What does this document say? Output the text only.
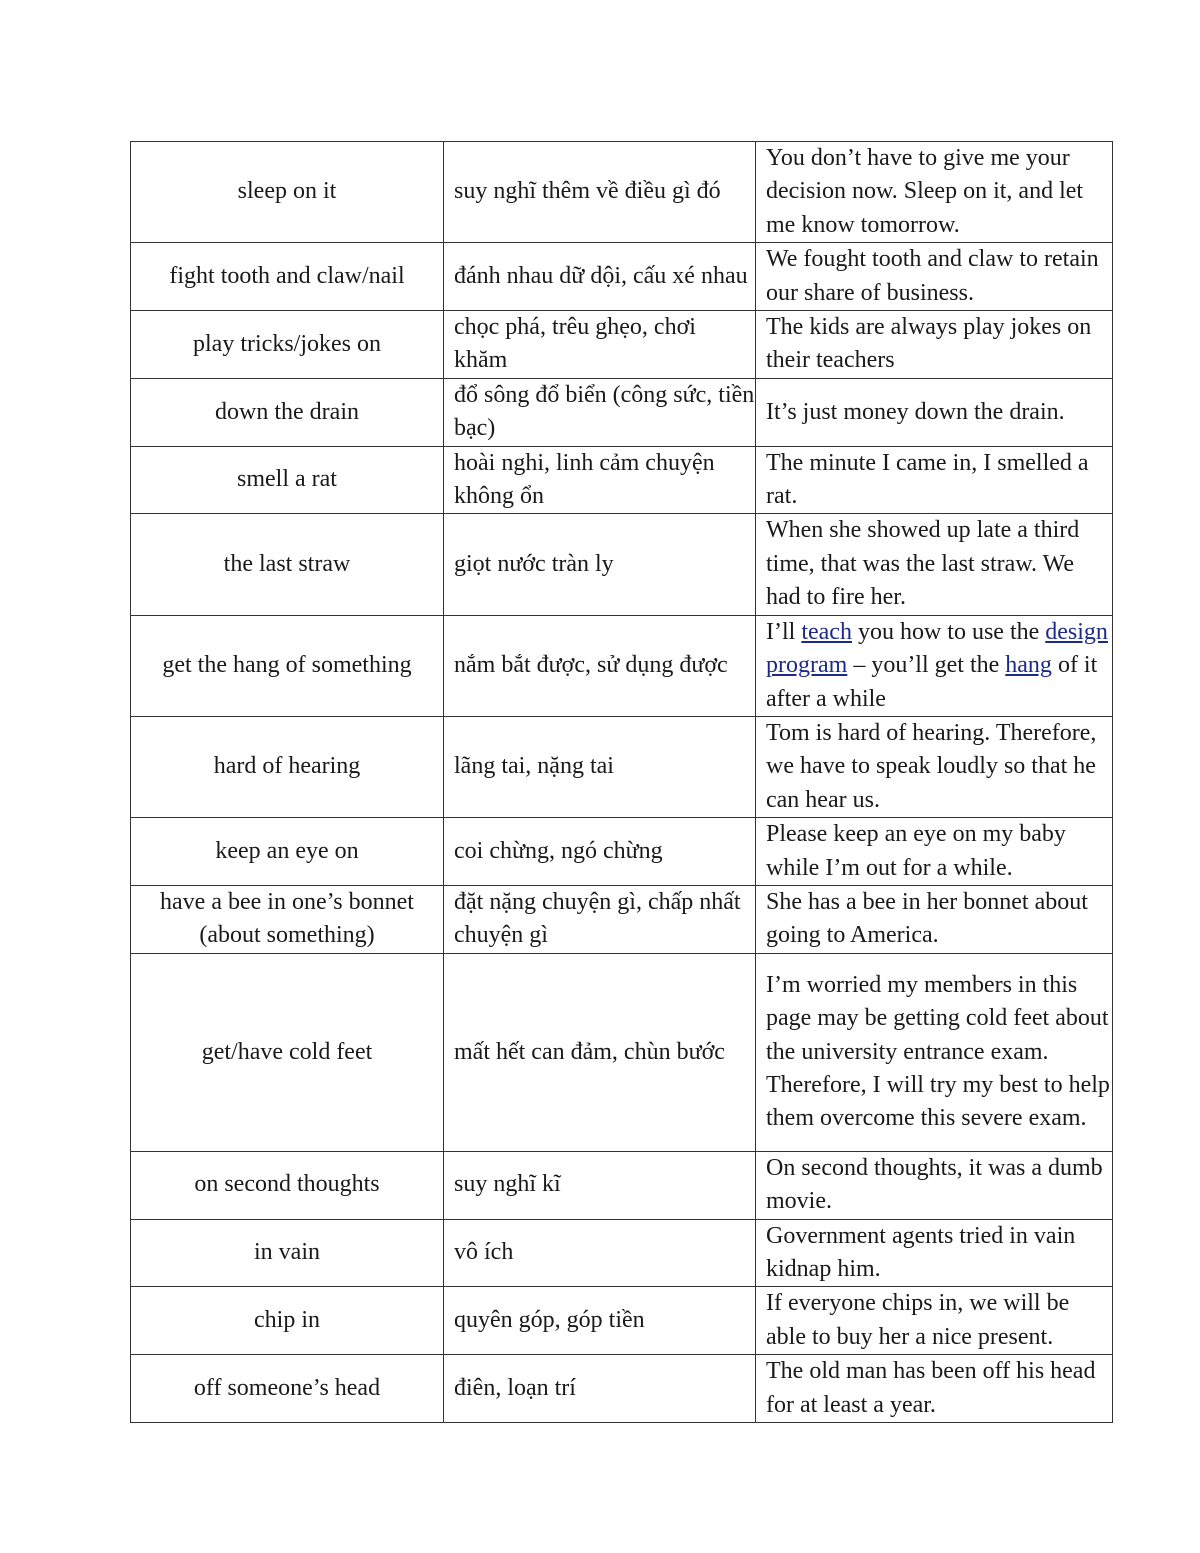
sleep on it	suy nghĩ thêm về điều gì đó	You don’t have to give me your decision now. Sleep on it, and let me know tomorrow.
fight tooth and claw/nail	đánh nhau dữ dội, cấu xé nhau	We fought tooth and claw to retain our share of business.
play tricks/jokes on	chọc phá, trêu ghẹo, chơi khăm	The kids are always play jokes on their teachers
down the drain	đổ sông đổ biển (công sức, tiền bạc)	It’s just money down the drain.
smell a rat	hoài nghi, linh cảm chuyện không ổn	The minute I came in, I smelled a rat.
the last straw	giọt nước tràn ly	When she showed up late a third time, that was the last straw. We had to fire her.
get the hang of something	nắm bắt được, sử dụng được	I’ll teach you how to use the design program – you’ll get the hang of it after a while
hard of hearing	lãng tai, nặng tai	Tom is hard of hearing. Therefore, we have to speak loudly so that he can hear us.
keep an eye on	coi chừng, ngó chừng	Please keep an eye on my baby while I’m out for a while.
have a bee in one’s bonnet (about something)	đặt nặng chuyện gì, chấp nhất chuyện gì	She has a bee in her bonnet about going to America.
get/have cold feet	mất hết can đảm, chùn bước	I’m worried my members in this page may be getting cold feet about the university entrance exam. Therefore, I will try my best to help them overcome this severe exam.
on second thoughts	suy nghĩ kĩ	On second thoughts, it was a dumb movie.
in vain	vô ích	Government agents tried in vain kidnap him.
chip in	quyên góp, góp tiền	If everyone chips in, we will be able to buy her a nice present.
off someone’s head	điên, loạn trí	The old man has been off his head for at least a year.
